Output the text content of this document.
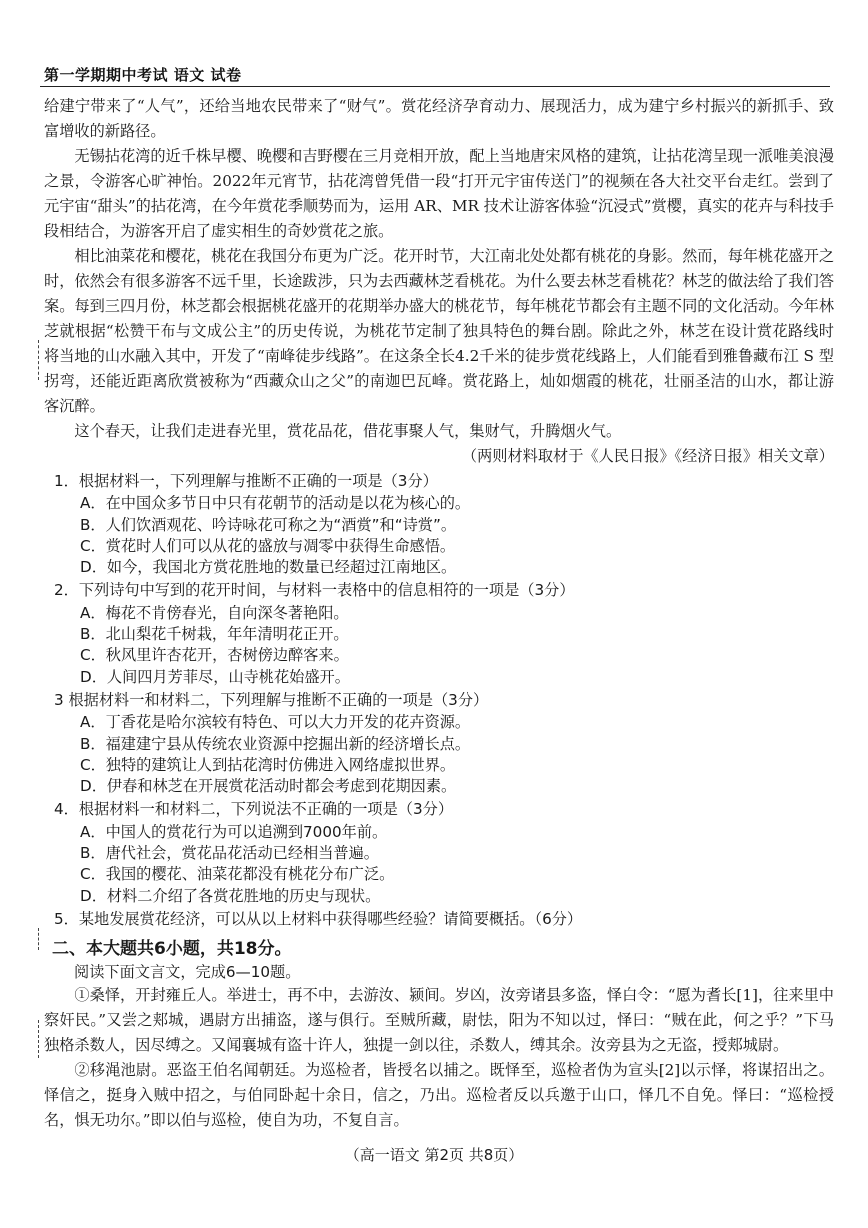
第一学期期中考试 语文 试卷

给建宁带来了“人气”，还给当地农民带来了“财气”。赏花经济孕育动力、展现活力，成为建宁乡村振兴的新抓手、致富增收的新路径。

无锡拈花湾的近千株早樱、晚樱和吉野樱在三月竞相开放，配上当地唐宋风格的建筑，让拈花湾呈现一派唯美浪漫之景，令游客心旷神怡。2022年元宵节，拈花湾曾凭借一段“打开元宇宙传送门”的视频在各大社交平台走红。尝到了元宇宙“甜头”的拈花湾，在今年赏花季顺势而为，运用 AR、MR 技术让游客体验“沉浸式”赏樱，真实的花卉与科技手段相结合，为游客开启了虚实相生的奇妙赏花之旅。

相比油菜花和樱花，桃花在我国分布更为广泛。花开时节，大江南北处处都有桃花的身影。然而，每年桃花盛开之时，依然会有很多游客不远千里，长途跋涉，只为去西藏林芝看桃花。为什么要去林芝看桃花？林芝的做法给了我们答案。每到三四月份，林芝都会根据桃花盛开的花期举办盛大的桃花节，每年桃花节都会有主题不同的文化活动。今年林芝就根据“松赞干布与文成公主”的历史传说，为桃花节定制了独具特色的舞台剧。除此之外，林芝在设计赏花路线时将当地的山水融入其中，开发了“南峰徒步线路”。在这条全长4.2千米的徒步赏花线路上，人们能看到雅鲁藏布江 S 型拐弯，还能近距离欣赏被称为“西藏众山之父”的南迦巴瓦峰。赏花路上，灿如烟霞的桃花，壮丽圣洁的山水，都让游客沉醉。

这个春天，让我们走进春光里，赏花品花，借花事聚人气，集财气，升腾烟火气。

（两则材料取材于《人民日报》《经济日报》相关文章）

1．根据材料一，下列理解与推断不正确的一项是（3分）

A．在中国众多节日中只有花朝节的活动是以花为核心的。

B．人们饮酒观花、吟诗咏花可称之为“酒赏”和“诗赏”。

C．赏花时人们可以从花的盛放与凋零中获得生命感悟。

D．如今，我国北方赏花胜地的数量已经超过江南地区。

2．下列诗句中写到的花开时间，与材料一表格中的信息相符的一项是（3分）

A．梅花不肯傍春光，自向深冬著艳阳。

B．北山梨花千树栽，年年清明花正开。

C．秋风里许杏花开，杏树傍边醉客来。

D．人间四月芳菲尽，山寺桃花始盛开。

3 根据材料一和材料二，下列理解与推断不正确的一项是（3分）

A．丁香花是哈尔滨较有特色、可以大力开发的花卉资源。

B．福建建宁县从传统农业资源中挖掘出新的经济增长点。

C．独特的建筑让人到拈花湾时仿佛进入网络虚拟世界。

D．伊春和林芝在开展赏花活动时都会考虑到花期因素。

4．根据材料一和材料二，下列说法不正确的一项是（3分）

A．中国人的赏花行为可以追溯到7000年前。

B．唐代社会，赏花品花活动已经相当普遍。

C．我国的樱花、油菜花都没有桃花分布广泛。

D．材料二介绍了各赏花胜地的历史与现状。

5．某地发展赏花经济，可以从以上材料中获得哪些经验？请简要概括。（6分）

二、本大题共6小题，共18分。

阅读下面文言文，完成6—10题。

①桑怿，开封雍丘人。举进士，再不中，去游汝、颍间。岁凶，汝旁诸县多盗，怿白令：“愿为耆长[1]，往来里中察奸民。”又尝之郏城，遇尉方出捕盗，遂与俱行。至贼所藏，尉怯，阳为不知以过，怿曰：“贼在此，何之乎？”下马独格杀数人，因尽缚之。又闻襄城有盗十许人，独提一剑以往，杀数人，缚其余。汝旁县为之无盗，授郏城尉。

②移渑池尉。恶盗王伯名闻朝廷。为巡检者，皆授名以捕之。既怿至，巡检者伪为宣头[2]以示怿，将谋招出之。怿信之，挺身入贼中招之，与伯同卧起十余日，信之，乃出。巡检者反以兵邀于山口，怿几不自免。怿曰：“巡检授名，惧无功尔。”即以伯与巡检，使自为功，不复自言。

（高一语文 第2页 共8页）
